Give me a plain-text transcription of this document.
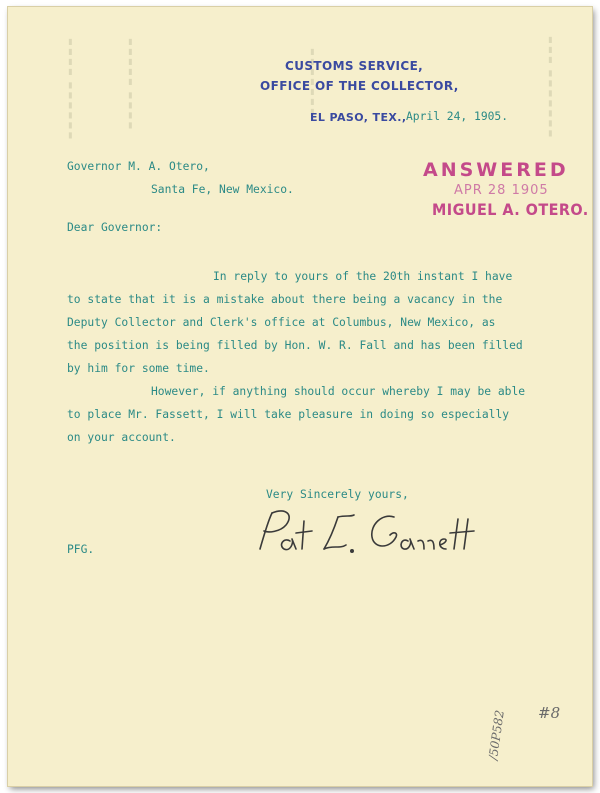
▮▮▮▮ ▮▮▮▮▮▮	▮▮▮▮▮ ▮▮▮▮	▮▮▮▮▮▮▮	▮▮▮ ▮▮▮▮▮▮▮
CUSTOMS SERVICE,
OFFICE OF THE COLLECTOR,
EL PASO, TEX., April 24, 1905.
Governor M. A. Otero,
Santa Fe, New Mexico.
ANSWERED
APR 28 1905
MIGUEL A. OTERO.
Dear Governor:
In reply to yours of the 20th instant I have
to state that it is a mistake about there being a vacancy in the
Deputy Collector and Clerk's office at Columbus, New Mexico, as
the position is being filled by Hon. W. R. Fall and has been filled
by him for some time.
However, if anything should occur whereby I may be able
to place Mr. Fassett, I will take pleasure in doing so especially
on your account.
Very Sincerely yours,
PFG.
#8
/50P582
